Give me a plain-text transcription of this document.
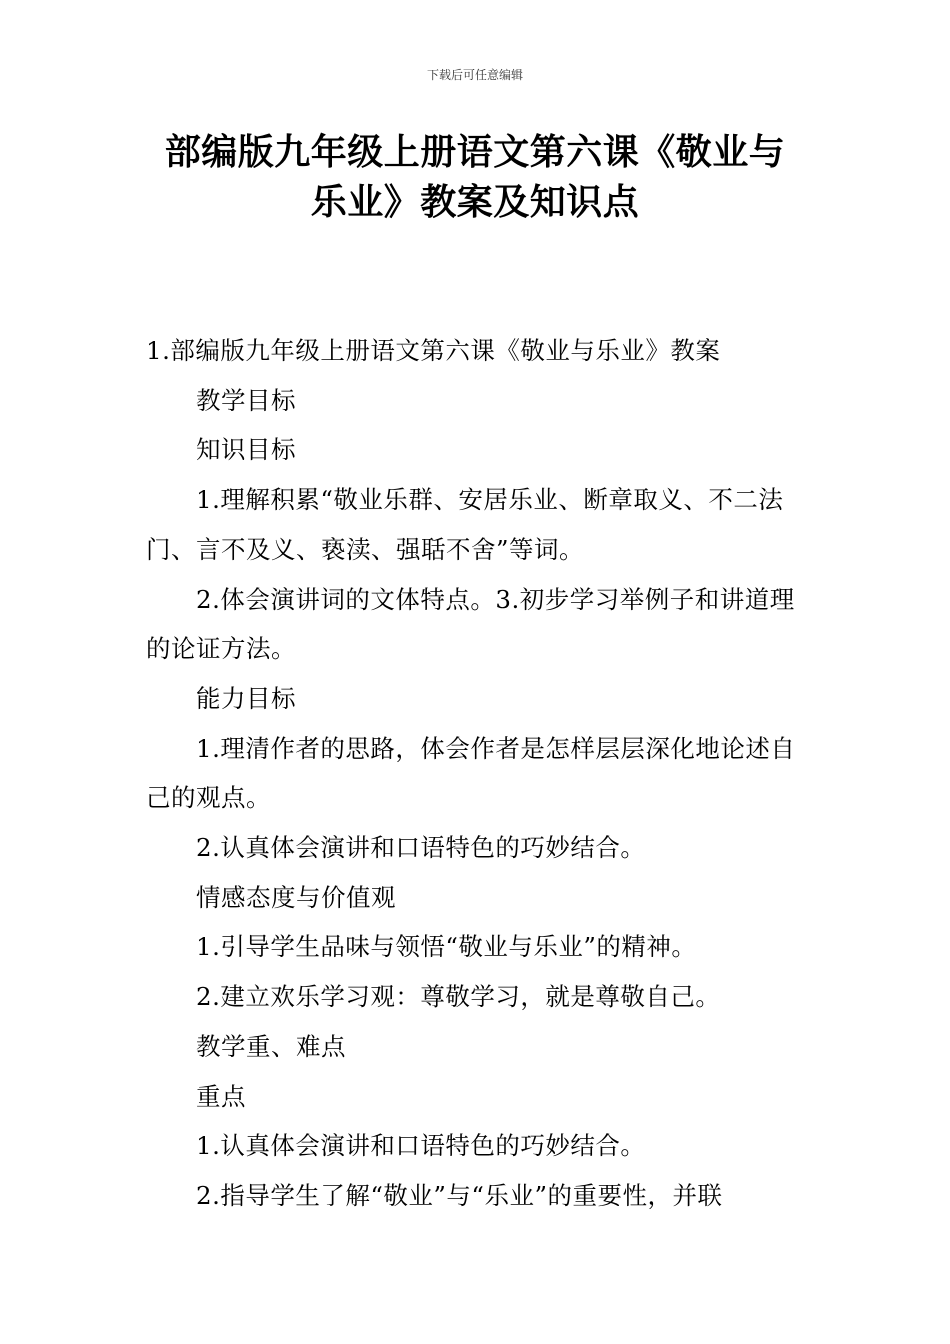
下载后可任意编辑
部编版九年级上册语文第六课《敬业与乐业》教案及知识点

1.部编版九年级上册语文第六课《敬业与乐业》教案

教学目标

知识目标

1.理解积累“敬业乐群、安居乐业、断章取义、不二法门、言不及义、亵渎、强聒不舍”等词。

2.体会演讲词的文体特点。3.初步学习举例子和讲道理的论证方法。

能力目标

1.理清作者的思路，体会作者是怎样层层深化地论述自己的观点。

2.认真体会演讲和口语特色的巧妙结合。

情感态度与价值观

1.引导学生品味与领悟“敬业与乐业”的精神。

2.建立欢乐学习观：尊敬学习，就是尊敬自己。

教学重、难点

重点

1.认真体会演讲和口语特色的巧妙结合。

2.指导学生了解“敬业”与“乐业”的重要性，并联
